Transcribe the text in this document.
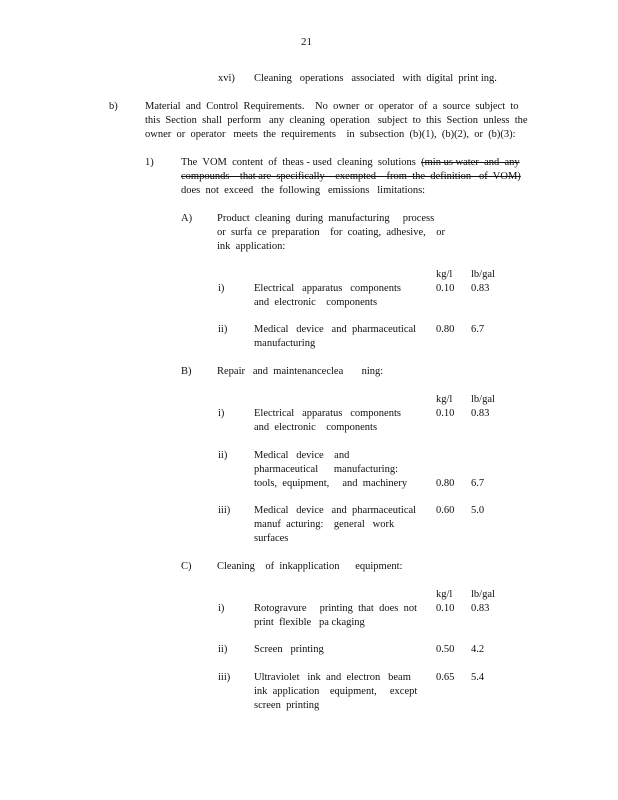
21
xvi) Cleaning   operations   associated   with  digital  print ing.
b)	Material  and  Control  Requirements.    No  owner  or  operator  of  a  source  subject  to
this  Section  shall  perform   any  cleaning  operation   subject  to  this  Section  unless  the
owner  or  operator   meets  the  requirements    in  subsection  (b)(1),  (b)(2),  or  (b)(3):
1)	The  VOM  content  of  theas - used  cleaning  solutions  (min us water  and  any
compounds    that are  specifically    exempted    from  the  definition   of  VOM)
does  not  exceed   the  following   emissions   limitations:
A) Product  cleaning  during  manufacturing     process
or  surfa  ce  preparation    for  coating,  adhesive,    or
ink  application:
kg/l lb/gal
i)	Electrical   apparatus   components
and  electronic    components
0.10 0.83
ii)	Medical   device   and  pharmaceutical
manufacturing
0.80 6.7
B) Repair   and  maintenanceclea       ning:
kg/l lb/gal
i)	Electrical   apparatus   components
and  electronic    components
0.10 0.83
ii)	Medical   device    and
pharmaceutical      manufacturing:
tools,  equipment,     and  machinery	0.80 6.7
iii) Medical   device   and  pharmaceutical
manuf  acturing:    general   work
surfaces
0.60 5.0
C) Cleaning    of  inkapplication      equipment:
kg/l lb/gal
i)	Rotogravure     printing  that  does  not
print  flexible   pa ckaging
0.10 0.83
ii)	Screen   printing	0.50 4.2
iii) Ultraviolet   ink  and  electron   beam
ink  application    equipment,     except
screen  printing
0.65 5.4
